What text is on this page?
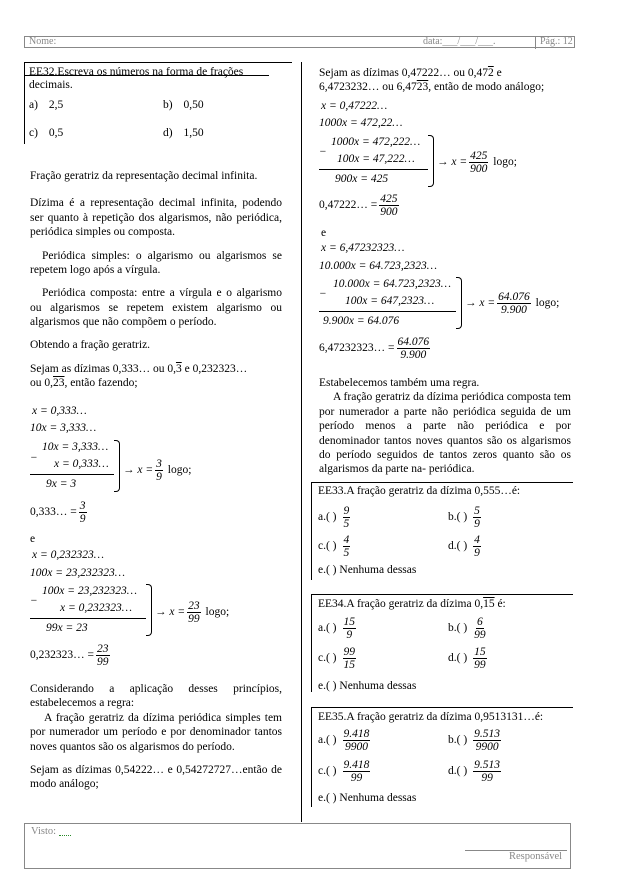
Nome:	data:___/___/___.	Pág.: 12
EE32.Escreva os números na forma de frações decimais.
a) 2,5	b) 0,50
c) 0,5	d) 1,50
Fração geratriz da representação decimal infinita.
Dízima é a representação decimal infinita, podendo ser quanto à repetição dos algarismos, não periódica, periódica simples ou composta.
Periódica simples: o algarismo ou algarismos se repetem logo após a vírgula.
Periódica composta: entre a vírgula e o algarismo ou algarismos se repetem existem algarismo ou algarismos que não compõem o período.
Obtendo a fração geratriz.
Sejam as dízimas 0,333… ou 0,3 e 0,232323…
ou 0,23, então fazendo;
x = 0,333…
10x = 3,333…
−
10x = 3,333…
x = 0,333…
9x = 3
→ $x = \frac{3}{9} \log o$;
0,333… = $\frac{3}{9}$
e
x = 0,232323…
100x = 23,232323…
−
100x = 23,232323…
x = 0,232323…
99x = 23
→ $x = \frac{23}{99} \log o$;
0,232323… = $\frac{23}{99}$
Considerando a aplicação desses princípios, estabelecemos a regra:
A fração geratriz da dízima periódica simples tem por numerador um período e por denominador tantos noves quantos são os algarismos do período.
Sejam as dízimas 0,54222… e 0,54272727…então de modo análogo;
Sejam as dízimas 0,47222… ou 0,472 e
6,4723232… ou 6,4723, então de modo análogo;
x = 0,47222…
1000x = 472,22…
−
1000x = 472,222…
100x = 47,222…
900x = 425
→ $x = \frac{425}{900} \log o$;
0,47222… = $\frac{425}{900}$
e
x = 6,47232323…
10.000x = 64.723,2323…
−
10.000x = 64.723,2323…
100x = 647,2323…
9.900x = 64.076
→ $x = \frac{64.076}{9.900} \log o$;
6,47232323… = $\frac{64.076}{9.900}$
Estabelecemos também uma regra.
A fração geratriz da dízima periódica composta tem por numerador a parte não periódica seguida de um período menos a parte não periódica e por denominador tantos noves quantos são os algarismos do período seguidos de tantos zeros quanto são os algarismos da parte na- periódica.
EE33.A fração geratriz da dízima 0,555…é:
a.( ) $\frac{9}{5}$	b.( ) $\frac{5}{9}$
c.( ) $\frac{4}{5}$	d.( ) $\frac{4}{9}$
e.( ) Nenhuma dessas
EE34.A fração geratriz da dízima 0,15 é:
a.( ) $\frac{15}{9}$	b.( ) $\frac{6}{99}$
c.( ) $\frac{99}{15}$	d.( ) $\frac{15}{99}$
e.( ) Nenhuma dessas
EE35.A fração geratriz da dízima 0,9513131…é:
a.( ) $\frac{9.418}{9900}$	b.( ) $\frac{9.513}{9900}$
c.( ) $\frac{9.418}{99}$	d.( ) $\frac{9.513}{99}$
e.( ) Nenhuma dessas
Visto:
Responsável
